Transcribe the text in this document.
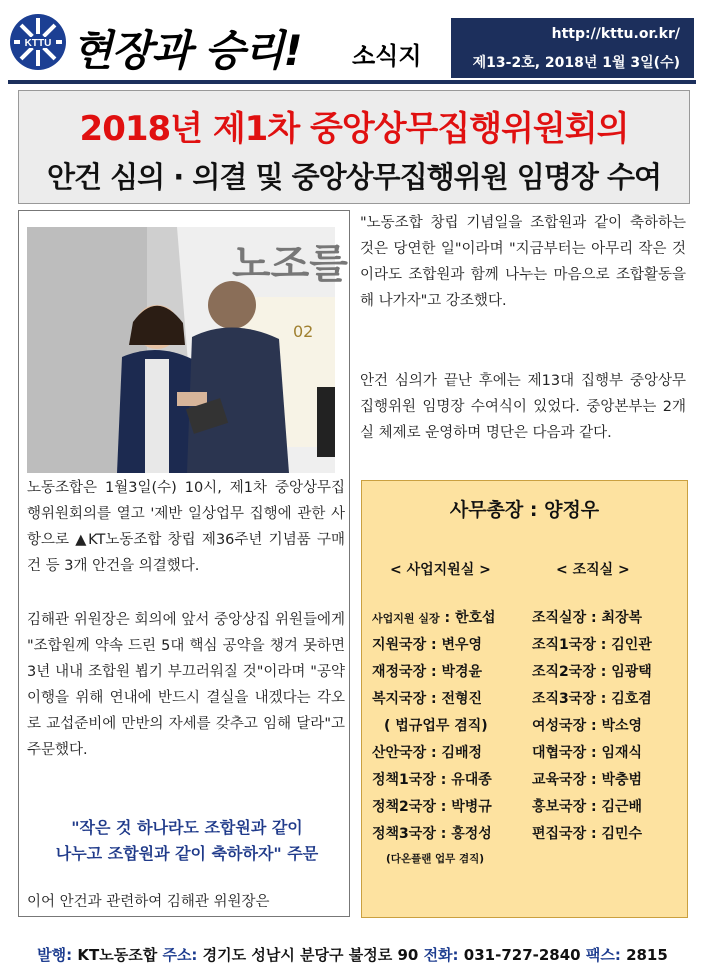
KTTU 현장과 승리! 소식지
http://kttu.or.kr/
제13-2호, 2018년 1월 3일(수)
2018년 제1차 중앙상무집행위원회의
안건 심의 · 의결 및 중앙상무집행위원 임명장 수여
노조를
02
노동조합은 1월3일(수) 10시, 제1차 중앙상무집행위원회의를 열고 '제반 일상업무 집행에 관한 사항으로 ▲KT노동조합 창립 제36주년 기념품 구매 건 등 3개 안건을 의결했다.
김해관 위원장은 회의에 앞서 중앙상집 위원들에게 "조합원께 약속 드린 5대 핵심 공약을 챙겨 못하면 3년 내내 조합원 뵙기 부끄러워질 것"이라며 "공약이행을 위해 연내에 반드시 결실을 내겠다는 각오로 교섭준비에 만반의 자세를 갖추고 임해 달라"고 주문했다.
"작은 것 하나라도 조합원과 같이
나누고 조합원과 같이 축하하자" 주문
이어 안건과 관련하여 김해관 위원장은
"노동조합 창립 기념일을 조합원과 같이 축하하는 것은 당연한 일"이라며 "지금부터는 아무리 작은 것이라도 조합원과 함께 나누는 마음으로 조합활동을 해 나가자"고 강조했다.
안건 심의가 끝난 후에는 제13대 집행부 중앙상무집행위원 임명장 수여식이 있었다. 중앙본부는 2개실 체제로 운영하며 명단은 다음과 같다.
사무총장 : 양정우
< 사업지원실 >	< 조직실 >
사업지원 실장 : 한호섭
지원국장 : 변우영
재정국장 : 박경윤
복지국장 : 전형진
( 법규업무 겸직)
산안국장 : 김배정
정책1국장 : 유대종
정책2국장 : 박병규
정책3국장 : 홍정성
조직실장 : 최장복
조직1국장 : 김인관
조직2국장 : 임광택
조직3국장 : 김호겸
여성국장 : 박소영
대협국장 : 임재식
교육국장 : 박충범
홍보국장 : 김근배
편집국장 : 김민수
(다온플랜 업무 겸직)
발행: KT노동조합 주소: 경기도 성남시 분당구 불정로 90 전화: 031-727-2840 팩스: 2815
